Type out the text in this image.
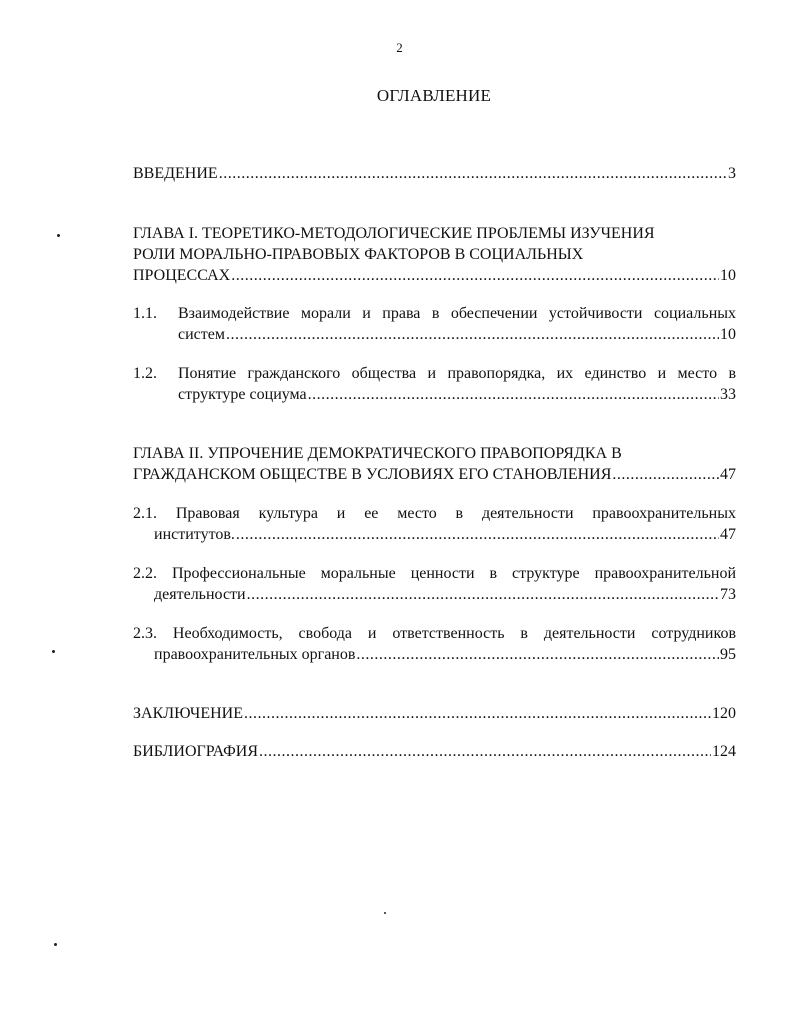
2
ОГЛАВЛЕНИЕ
ВВЕДЕНИЕ .....	3
ГЛАВА I. ТЕОРЕТИКО-МЕТОДОЛОГИЧЕСКИЕ ПРОБЛЕМЫ ИЗУЧЕНИЯ
РОЛИ МОРАЛЬНО-ПРАВОВЫХ ФАКТОРОВ В СОЦИАЛЬНЫХ
ПРОЦЕССАХ .....	10
1.1.	Взаимодействие морали и права в обеспечении устойчивости социальных
систем .....	10
1.2.	Понятие гражданского общества и правопорядка, их единство и место в
структуре социума .....	33
ГЛАВА II. УПРОЧЕНИЕ ДЕМОКРАТИЧЕСКОГО ПРАВОПОРЯДКА В
ГРАЖДАНСКОМ ОБЩЕСТВЕ В УСЛОВИЯХ ЕГО СТАНОВЛЕНИЯ .....	47
2.1. Правовая культура и ее место в деятельности правоохранительных
институтов. .....	47
2.2. Профессиональные моральные ценности в структуре правоохранительной
деятельности .....	73
2.3. Необходимость, свобода и ответственность в деятельности сотрудников
правоохранительных органов .....	95
ЗАКЛЮЧЕНИЕ .....	120
БИБЛИОГРАФИЯ .....	124
